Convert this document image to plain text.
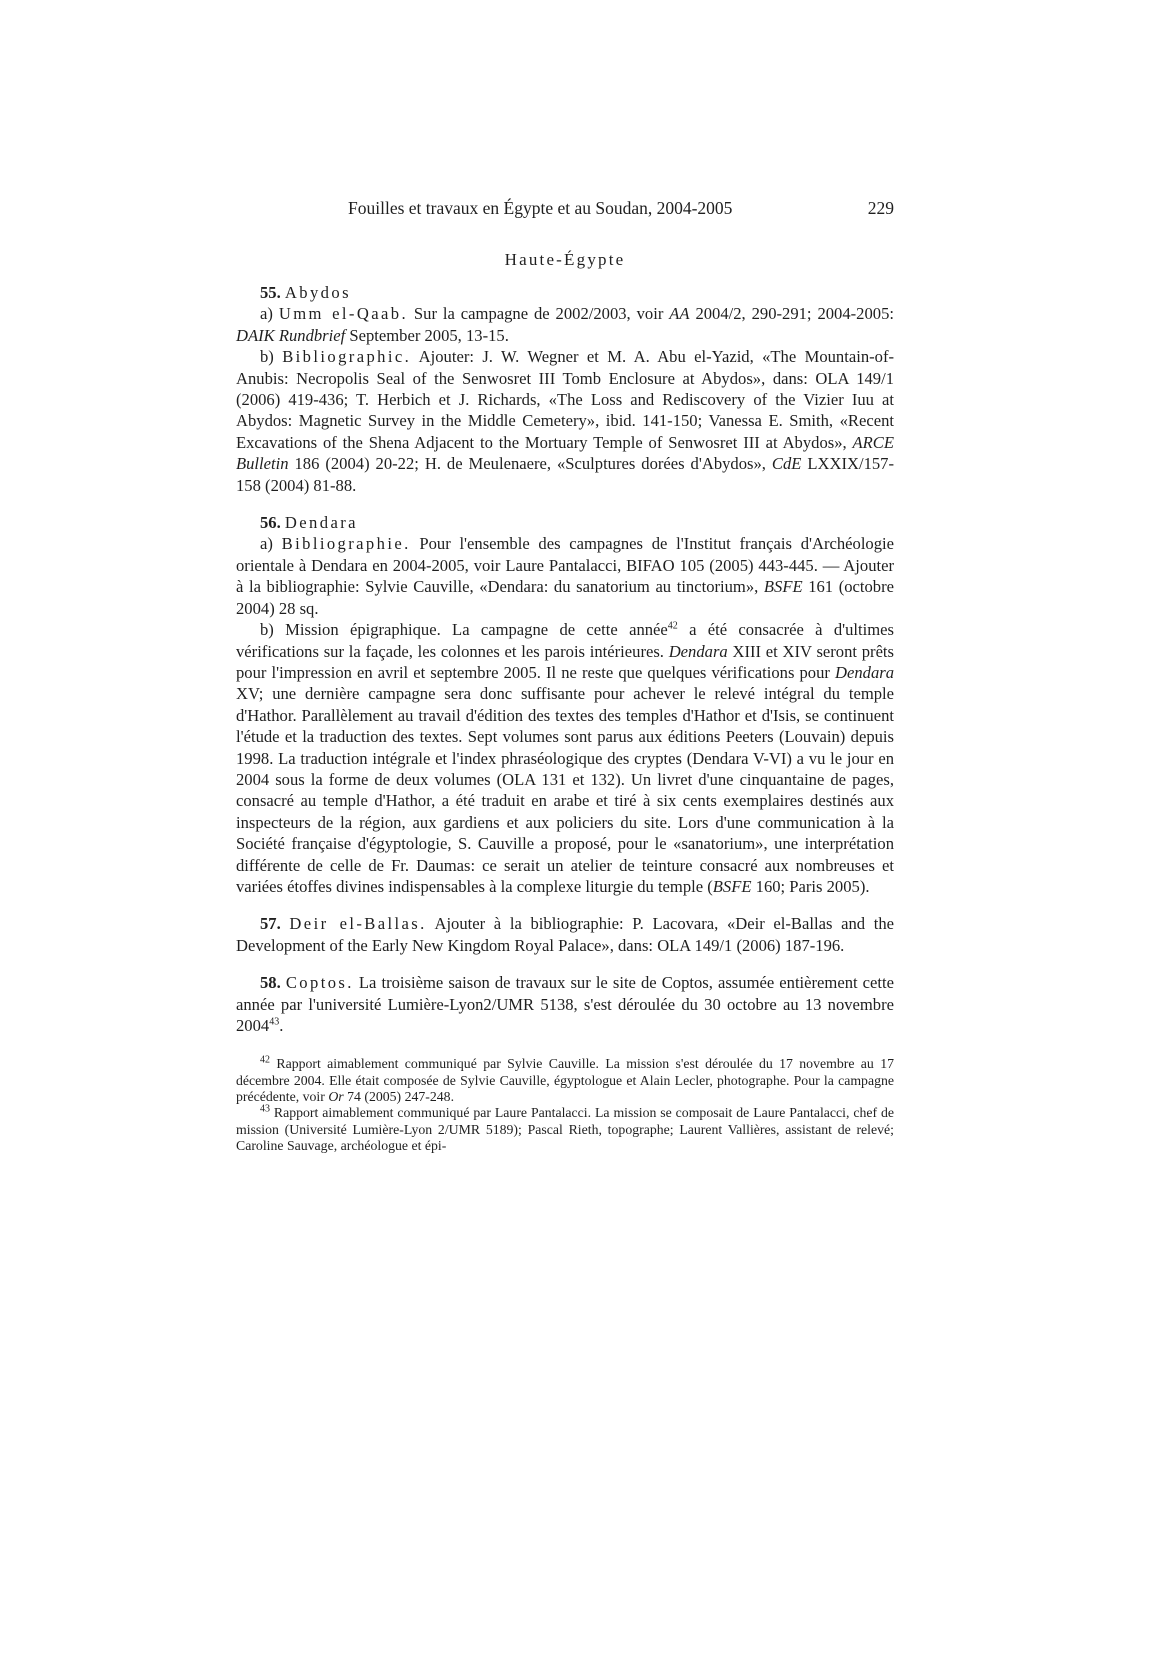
Fouilles et travaux en Égypte et au Soudan, 2004-2005	229
Haute-Égypte
55. Abydos

a) Umm el-Qaab. Sur la campagne de 2002/2003, voir AA 2004/2, 290-291; 2004-2005: DAIK Rundbrief September 2005, 13-15.

b) Bibliographic. Ajouter: J. W. Wegner et M. A. Abu el-Yazid, «The Mountain-of-Anubis: Necropolis Seal of the Senwosret III Tomb Enclosure at Abydos», dans: OLA 149/1 (2006) 419-436; T. Herbich et J. Richards, «The Loss and Rediscovery of the Vizier Iuu at Abydos: Magnetic Survey in the Middle Cemetery», ibid. 141-150; Vanessa E. Smith, «Recent Excavations of the Shena Adjacent to the Mortuary Temple of Senwosret III at Abydos», ARCE Bulletin 186 (2004) 20-22; H. de Meulenaere, «Sculptures dorées d'Abydos», CdE LXXIX/157-158 (2004) 81-88.

56. Dendara

a) Bibliographie. Pour l'ensemble des campagnes de l'Institut français d'Archéologie orientale à Dendara en 2004-2005, voir Laure Pantalacci, BIFAO 105 (2005) 443-445. — Ajouter à la bibliographie: Sylvie Cauville, «Dendara: du sanatorium au tinctorium», BSFE 161 (octobre 2004) 28 sq.

b) Mission épigraphique. La campagne de cette année$^{42}$ a été consacrée à d'ultimes vérifications sur la façade, les colonnes et les parois intérieures. Dendara XIII et XIV seront prêts pour l'impression en avril et septembre 2005. Il ne reste que quelques vérifications pour Dendara XV; une dernière campagne sera donc suffisante pour achever le relevé intégral du temple d'Hathor. Parallèlement au travail d'édition des textes des temples d'Hathor et d'Isis, se continuent l'étude et la traduction des textes. Sept volumes sont parus aux éditions Peeters (Louvain) depuis 1998. La traduction intégrale et l'index phraséologique des cryptes (Dendara V-VI) a vu le jour en 2004 sous la forme de deux volumes (OLA 131 et 132). Un livret d'une cinquantaine de pages, consacré au temple d'Hathor, a été traduit en arabe et tiré à six cents exemplaires destinés aux inspecteurs de la région, aux gardiens et aux policiers du site. Lors d'une communication à la Société française d'égyptologie, S. Cauville a proposé, pour le «sanatorium», une interprétation différente de celle de Fr. Daumas: ce serait un atelier de teinture consacré aux nombreuses et variées étoffes divines indispensables à la complexe liturgie du temple (BSFE 160; Paris 2005).

57. Deir el-Ballas. Ajouter à la bibliographie: P. Lacovara, «Deir el-Ballas and the Development of the Early New Kingdom Royal Palace», dans: OLA 149/1 (2006) 187-196.

58. Coptos. La troisième saison de travaux sur le site de Coptos, assumée entièrement cette année par l'université Lumière-Lyon2/UMR 5138, s'est déroulée du 30 octobre au 13 novembre 2004$^{43}$.

$^{42}$ Rapport aimablement communiqué par Sylvie Cauville. La mission s'est déroulée du 17 novembre au 17 décembre 2004. Elle était composée de Sylvie Cauville, égyptologue et Alain Lecler, photographe. Pour la campagne précédente, voir Or 74 (2005) 247-248.

$^{43}$ Rapport aimablement communiqué par Laure Pantalacci. La mission se composait de Laure Pantalacci, chef de mission (Université Lumière-Lyon 2/UMR 5189); Pascal Rieth, topographe; Laurent Vallières, assistant de relevé; Caroline Sauvage, archéologue et épi-
